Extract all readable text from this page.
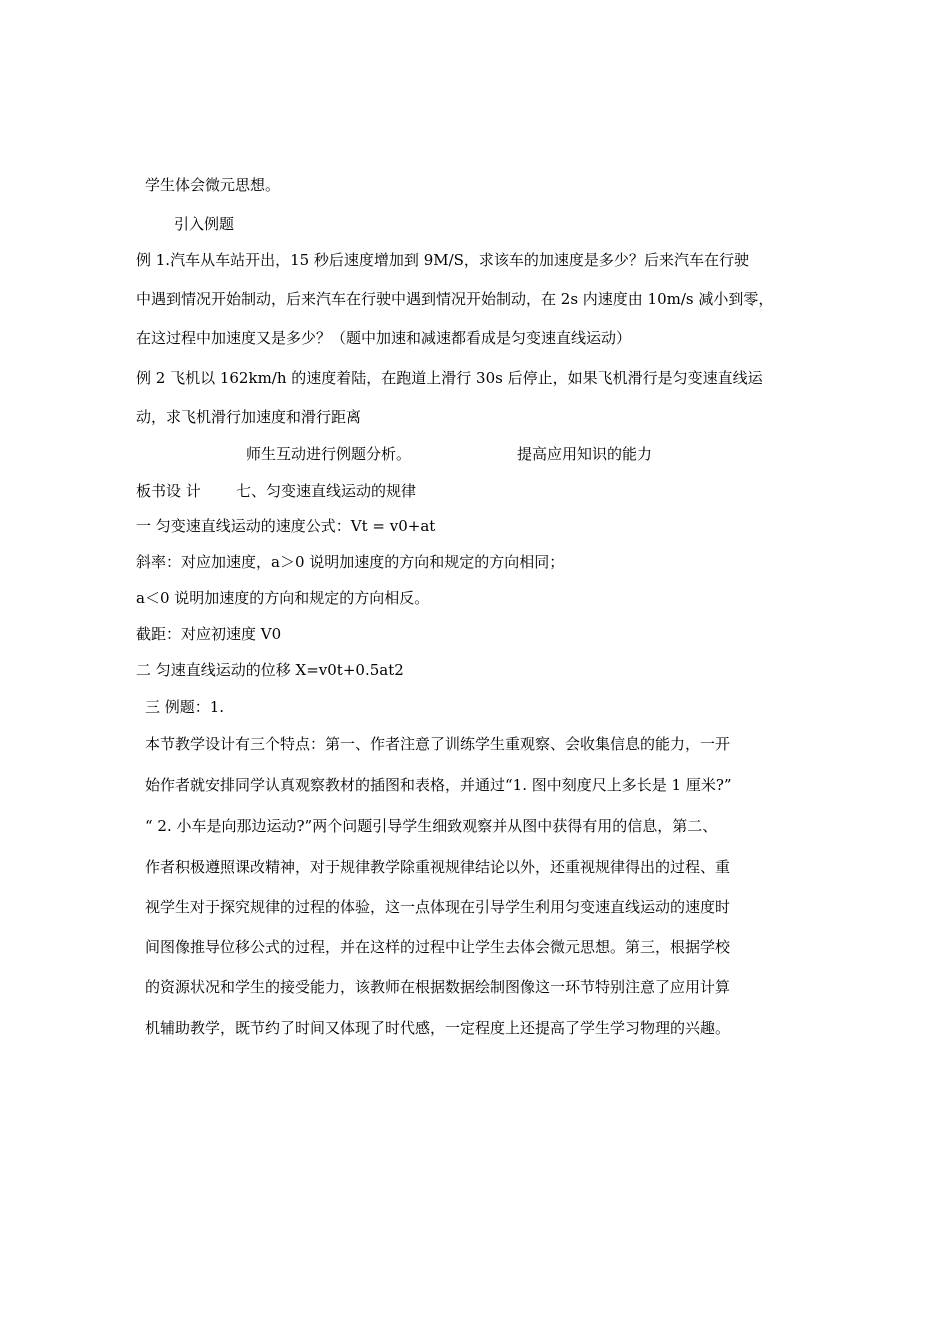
学生体会微元思想。

引入例题

例 1.汽车从车站开出，15 秒后速度增加到 9M/S，求该车的加速度是多少？后来汽车在行驶

中遇到情况开始制动，后来汽车在行驶中遇到情况开始制动，在 2s 内速度由 10m/s 减小到零，

在这过程中加速度又是多少？（题中加速和减速都看成是匀变速直线运动）

例 2 飞机以 162km/h 的速度着陆，在跑道上滑行 30s 后停止，如果飞机滑行是匀变速直线运

动，求飞机滑行加速度和滑行距离

师生互动进行例题分析。	提高应用知识的能力

板书设 计 七、匀变速直线运动的规律

一 匀变速直线运动的速度公式：Vt = v0+at

斜率：对应加速度，a＞0 说明加速度的方向和规定的方向相同；

a＜0 说明加速度的方向和规定的方向相反。

截距：对应初速度 V0

二 匀速直线运动的位移 X=v0t+0.5at2

三 例题：1.

本节教学设计有三个特点：第一、作者注意了训练学生重观察、会收集信息的能力，一开

始作者就安排同学认真观察教材的插图和表格，并通过“1. 图中刻度尺上多长是 1 厘米?”

“ 2. 小车是向那边运动?”两个问题引导学生细致观察并从图中获得有用的信息，第二、

作者积极遵照课改精神，对于规律教学除重视规律结论以外，还重视规律得出的过程、重

视学生对于探究规律的过程的体验，这一点体现在引导学生利用匀变速直线运动的速度时

间图像推导位移公式的过程，并在这样的过程中让学生去体会微元思想。第三，根据学校

的资源状况和学生的接受能力，该教师在根据数据绘制图像这一环节特别注意了应用计算

机辅助教学，既节约了时间又体现了时代感，一定程度上还提高了学生学习物理的兴趣。
